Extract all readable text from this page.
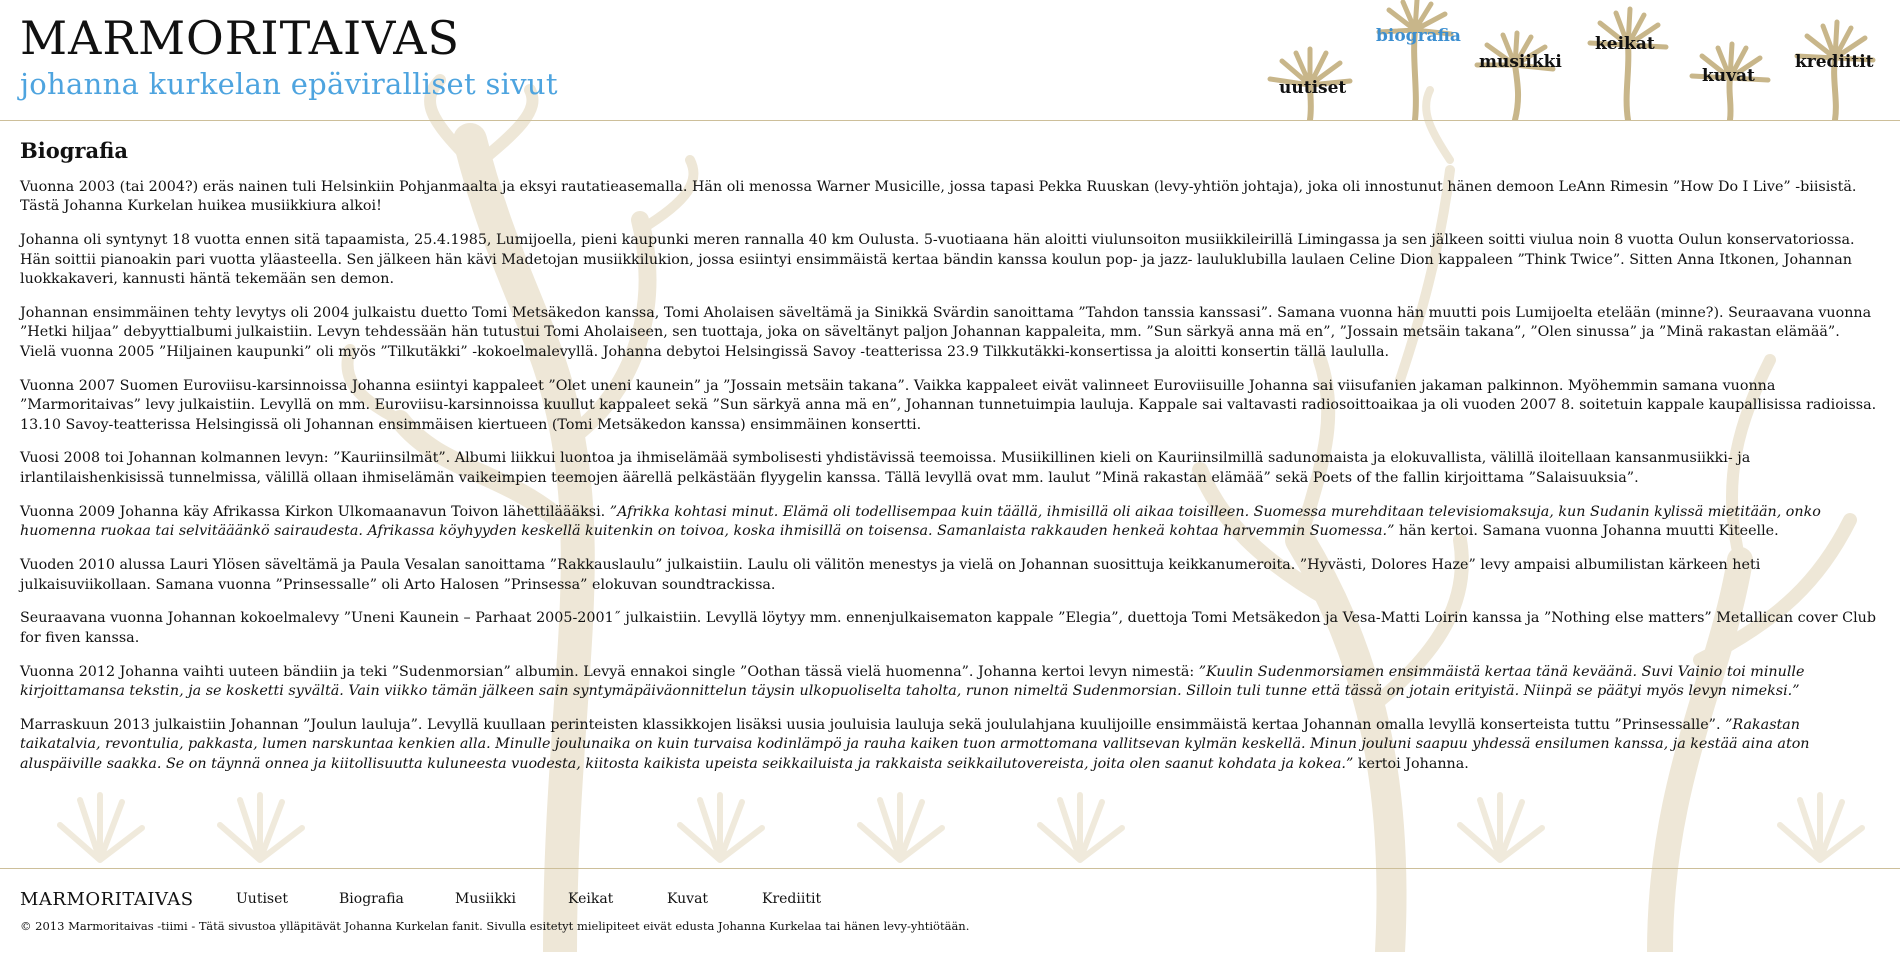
MARMORITAIVAS
johanna kurkelan epäviralliset sivut
biografia
musiikki
keikat
krediitit
uutiset
kuvat
Biografia

Vuonna 2003 (tai 2004?) eräs nainen tuli Helsinkiin Pohjanmaalta ja eksyi rautatieasemalla. Hän oli menossa Warner Musicille, jossa tapasi Pekka Ruuskan (levy-yhtiön johtaja), joka oli innostunut hänen demoon LeAnn Rimesin ”How Do I Live” -biisistä. Tästä Johanna Kurkelan huikea musiikkiura alkoi!

Johanna oli syntynyt 18 vuotta ennen sitä tapaamista, 25.4.1985, Lumijoella, pieni kaupunki meren rannalla 40 km Oulusta. 5-vuotiaana hän aloitti viulunsoiton musiikkileirillä Limingassa ja sen jälkeen soitti viulua noin 8 vuotta Oulun konservatoriossa. Hän soittii pianoakin pari vuotta yläasteella. Sen jälkeen hän kävi Madetojan musiikkilukion, jossa esiintyi ensimmäistä kertaa bändin kanssa koulun pop- ja jazz- lauluklubilla laulaen Celine Dion kappaleen ”Think Twice”. Sitten Anna Itkonen, Johannan luokkakaveri, kannusti häntä tekemään sen demon.

Johannan ensimmäinen tehty levytys oli 2004 julkaistu duetto Tomi Metsäkedon kanssa, Tomi Aholaisen säveltämä ja Sinikkä Svärdin sanoittama ”Tahdon tanssia kanssasi”. Samana vuonna hän muutti pois Lumijoelta etelään (minne?). Seuraavana vuonna ”Hetki hiljaa” debyyttialbumi julkaistiin. Levyn tehdessään hän tutustui Tomi Aholaiseen, sen tuottaja, joka on säveltänyt paljon Johannan kappaleita, mm. ”Sun särkyä anna mä en”, ”Jossain metsäin takana”, ”Olen sinussa” ja ”Minä rakastan elämää”. Vielä vuonna 2005 ”Hiljainen kaupunki” oli myös ”Tilkutäkki” -kokoelmalevyllä. Johanna debytoi Helsingissä Savoy -teatterissa 23.9 Tilkkutäkki-konsertissa ja aloitti konsertin tällä laululla.

Vuonna 2007 Suomen Euroviisu-karsinnoissa Johanna esiintyi kappaleet ”Olet uneni kaunein” ja ”Jossain metsäin takana”. Vaikka kappaleet eivät valinneet Euroviisuille Johanna sai viisufanien jakaman palkinnon. Myöhemmin samana vuonna ”Marmoritaivas” levy julkaistiin. Levyllä on mm. Euroviisu-karsinnoissa kuullut kappaleet sekä ”Sun särkyä anna mä en”, Johannan tunnetuimpia lauluja. Kappale sai valtavasti radiosoittoaikaa ja oli vuoden 2007 8. soitetuin kappale kaupallisissa radioissa. 13.10 Savoy-teatterissa Helsingissä oli Johannan ensimmäisen kiertueen (Tomi Metsäkedon kanssa) ensimmäinen konsertti.

Vuosi 2008 toi Johannan kolmannen levyn: ”Kauriinsilmät”. Albumi liikkui luontoa ja ihmiselämää symbolisesti yhdistävissä teemoissa. Musiikillinen kieli on Kauriinsilmillä sadunomaista ja elokuvallista, välillä iloitellaan kansanmusiikki- ja irlantilaishenkisissä tunnelmissa, välillä ollaan ihmiselämän vaikeimpien teemojen äärellä pelkästään flyygelin kanssa. Tällä levyllä ovat mm. laulut ”Minä rakastan elämää” sekä Poets of the fallin kirjoittama ”Salaisuuksia”.

Vuonna 2009 Johanna käy Afrikassa Kirkon Ulkomaanavun Toivon lähettiläääksi. ”Afrikka kohtasi minut. Elämä oli todellisempaa kuin täällä, ihmisillä oli aikaa toisilleen. Suomessa murehditaan televisiomaksuja, kun Sudanin kylissä mietitään, onko huomenna ruokaa tai selvitääänkö sairaudesta. Afrikassa köyhyyden keskellä kuitenkin on toivoa, koska ihmisillä on toisensa. Samanlaista rakkauden henkeä kohtaa harvemmin Suomessa.” hän kertoi. Samana vuonna Johanna muutti Kiteelle.

Vuoden 2010 alussa Lauri Ylösen säveltämä ja Paula Vesalan sanoittama ”Rakkauslaulu” julkaistiin. Laulu oli välitön menestys ja vielä on Johannan suosittuja keikkanumeroita. ”Hyvästi, Dolores Haze” levy ampaisi albumilistan kärkeen heti julkaisuviikollaan. Samana vuonna ”Prinsessalle” oli Arto Halosen ”Prinsessa” elokuvan soundtrackissa.

Seuraavana vuonna Johannan kokoelmalevy ”Uneni Kaunein – Parhaat 2005-2001˝ julkaistiin. Levyllä löytyy mm. ennenjulkaisematon kappale ”Elegia”, duettoja Tomi Metsäkedon ja Vesa-Matti Loirin kanssa ja ”Nothing else matters” Metallican cover Club for fiven kanssa.

Vuonna 2012 Johanna vaihti uuteen bändiin ja teki ”Sudenmorsian” albumin. Levyä ennakoi single ”Oothan tässä vielä huomenna”. Johanna kertoi levyn nimestä: ”Kuulin Sudenmorsiamen ensimmäistä kertaa tänä keväänä. Suvi Vainio toi minulle kirjoittamansa tekstin, ja se kosketti syvältä. Vain viikko tämän jälkeen sain syntymäpäiväonnittelun täysin ulkopuoliselta taholta, runon nimeltä Sudenmorsian. Silloin tuli tunne että tässä on jotain erityistä. Niinpä se päätyi myös levyn nimeksi.”

Marraskuun 2013 julkaistiin Johannan ”Joulun lauluja”. Levyllä kuullaan perinteisten klassikkojen lisäksi uusia jouluisia lauluja sekä joululahjana kuulijoille ensimmäistä kertaa Johannan omalla levyllä konserteista tuttu ”Prinsessalle”. ”Rakastan taikatalvia, revontulia, pakkasta, lumen narskuntaa kenkien alla. Minulle joulunaika on kuin turvaisa kodinlämpö ja rauha kaiken tuon armottomana vallitsevan kylmän keskellä. Minun jouluni saapuu yhdessä ensilumen kanssa, ja kestää aina aton aluspäiville saakka. Se on täynnä onnea ja kiitollisuutta kuluneesta vuodesta, kiitosta kaikista upeista seikkailuista ja rakkaista seikkailutovereista, joita olen saanut kohdata ja kokea.” kertoi Johanna.

MARMORITAIVAS	Uutiset	Biografia	Musiikki	Keikat	Kuvat	Krediitit
© 2013 Marmoritaivas -tiimi - Tätä sivustoa ylläpitävät Johanna Kurkelan fanit. Sivulla esitetyt mielipiteet eivät edusta Johanna Kurkelaa tai hänen levy-yhtiötään.
